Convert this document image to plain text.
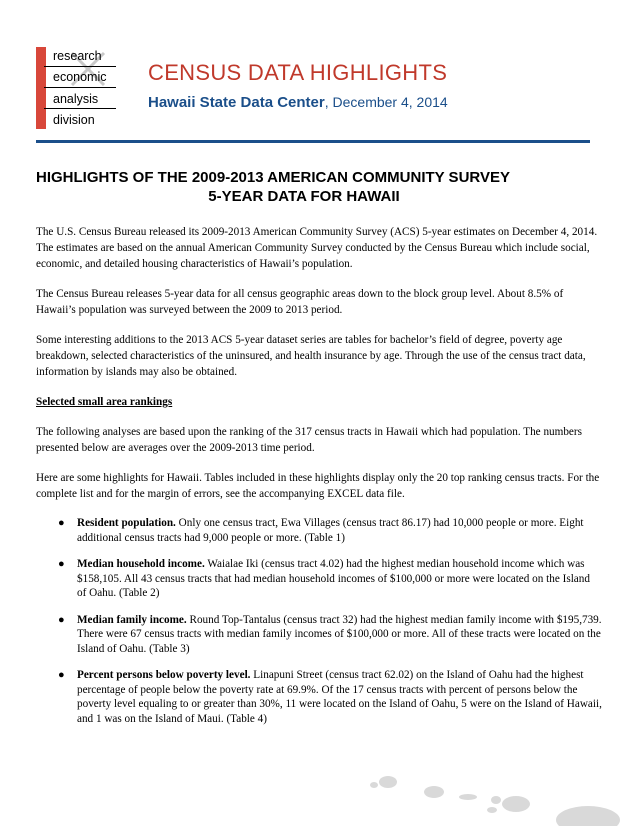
research
economic
analysis
division
CENSUS DATA HIGHLIGHTS
Hawaii State Data Center, December 4, 2014
HIGHLIGHTS OF THE 2009-2013 AMERICAN COMMUNITY SURVEY
5-YEAR DATA FOR HAWAII

The U.S. Census Bureau released its 2009-2013 American Community Survey (ACS) 5-year estimates on December 4, 2014. The estimates are based on the annual American Community Survey conducted by the Census Bureau which include social, economic, and detailed housing characteristics of Hawaii’s population.

The Census Bureau releases 5-year data for all census geographic areas down to the block group level. About 8.5% of Hawaii’s population was surveyed between the 2009 to 2013 period.

Some interesting additions to the 2013 ACS 5-year dataset series are tables for bachelor’s field of degree, poverty age breakdown, selected characteristics of the uninsured, and health insurance by age. Through the use of the census tract data, information by islands may also be obtained.

Selected small area rankings

The following analyses are based upon the ranking of the 317 census tracts in Hawaii which had population. The numbers presented below are averages over the 2009-2013 time period.

Here are some highlights for Hawaii. Tables included in these highlights display only the 20 top ranking census tracts. For the complete list and for the margin of errors, see the accompanying EXCEL data file.

● Resident population. Only one census tract, Ewa Villages (census tract 86.17) had 10,000 people or more. Eight additional census tracts had 9,000 people or more. (Table 1)
● Median household income. Waialae Iki (census tract 4.02) had the highest median household income which was $158,105. All 43 census tracts that had median household incomes of $100,000 or more were located on the Island of Oahu. (Table 2)
● Median family income. Round Top-Tantalus (census tract 32) had the highest median family income with $195,739. There were 67 census tracts with median family incomes of $100,000 or more. All of these tracts were located on the Island of Oahu. (Table 3)
● Percent persons below poverty level. Linapuni Street (census tract 62.02) on the Island of Oahu had the highest percentage of people below the poverty rate at 69.9%. Of the 17 census tracts with percent of persons below the poverty level equaling to or greater than 30%, 11 were located on the Island of Oahu, 5 were on the Island of Hawaii, and 1 was on the Island of Maui. (Table 4)
